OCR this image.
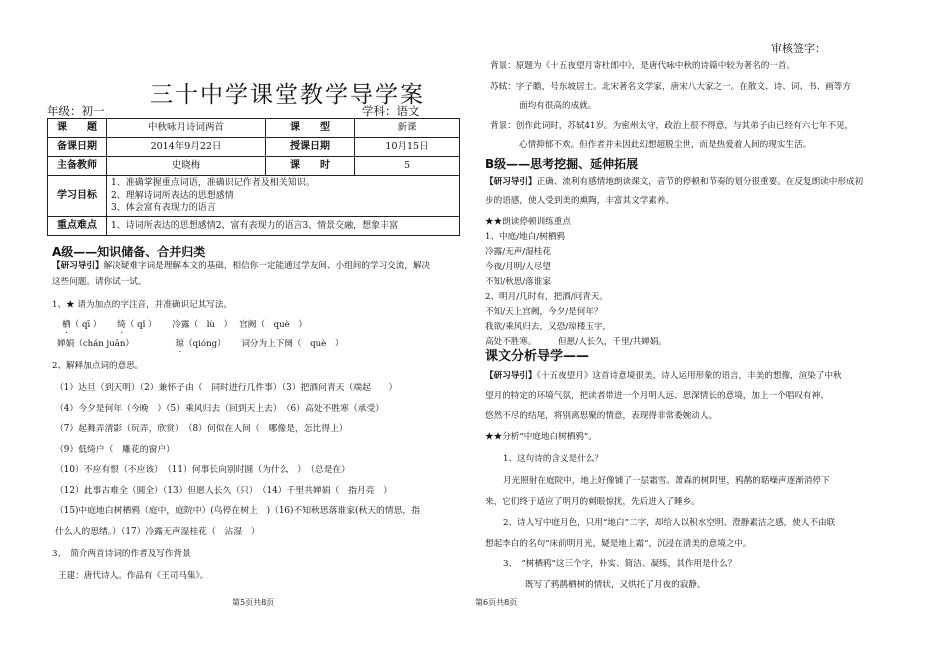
三十中学课堂教学导学案
年级：初一	学科：语文
课　　题	中秋咏月诗词两首	课　　型	新课
备课日期	2014年9月22日	授课日期	10月15日
主备教师	史晓梅	课　　时	5
学习目标	1、准确掌握重点词语，准确识记作者及相关知识。
2、理解诗词所表达的思想感情
3、体会富有表现力的语言		

重点难点	1、诗词所表达的思想感情2、富有表现力的语言3、情景交融，想象丰富		
A级——知识储备、合并归类
【研习导引】解决疑难字词是理解本文的基础，相信你一定能通过学友间、小组间的学习交流，解决
这些问题。请你试一试。
1、★ 请为加点的字注音，并准确识记其写法。
栖（ qī ）　　 绮（ qǐ ）　　 冷露（　lù　）　 宫阙（　què　）
婵娟（chán juān）　　　　　 琼（qióng）　　 词分为上下阕（　què　）
2、解释加点词的意思。
（1）达旦（到天明）（2）兼怀子由（　同时进行几件事）（3）把酒问青天（端起　　）
（4）今夕是何年（今晚　）（5）乘风归去（回到天上去）　（6）高处不胜寒（承受）
（7）起舞弄清影（玩弄，欣赏）　（8）何似在人间（　哪像是，怎比得上）
（9）低绮户（　雕花的窗户）
（10）不应有恨（不应该）　（11）何事长向别时圆（为什么　）　（总是在）
（12）此事古难全（圆全）（13）但愿人长久（只）　（14）千里共婵娟（　指月亮　）
（15)中庭地白树栖鸦（庭中，庭院中）(鸟停在树上　)（16)不知秋思落谁家(秋天的情思，指
什么人的思绪。）（17）冷露无声湿桂花（　沾湿　）
3、　简介两首诗词的作者及写作背景
王建：唐代诗人。作品有《王司马集》。
第5页共8页
审核签字：
背景：原题为《十五夜望月寄杜郎中》，是唐代咏中秋的诗篇中较为著名的一首。
苏轼：字子瞻，号东坡居士。北宋著名文学家，唐宋八大家之一。在散文、诗、词、书、画等方
面均有很高的成就。
背景：创作此词时，苏轼41岁。为密州太守，政治上很不得意，与其弟子由已经有六七年不见，
心情抑郁不欢。但作者并未因此幻想超脱尘世，而是热爱着人间的现实生活。
B级——思考挖掘、延伸拓展
【研习导引】正确、流利有感情地朗读课文，音节的停顿和节奏的划分很重要。在反复朗读中形成初
步的语感，使人受到美的熏陶，丰富其文学素养。
★★朗读停顿训练重点
1、中庭/地白/树栖鸦
冷露/无声/湿桂花
今夜/月明/人尽望
不知/秋思/落谁家
2、明月/几时有，把酒/问青天。
不知/天上宫阙，今夕/是何年？
我欲/乘风归去，又恐/琼楼玉宇，
高处不胜寒。　　　但愿/人长久，千里/共婵娟。
课文分析导学——
【研习导引】《十五夜望月》这首诗意境很美，诗人运用形象的语言，丰美的想像，渲染了中秋
望月的特定的环境气氛，把读者带进一个月明人远、思深情长的意境，加上一个唱叹有神、
悠然不尽的结尾，将别离思聚的情意，表现得非常委婉动人。
★★分析“中庭地白树栖鸦”。
1、这句诗的含义是什么？
月光照射在庭院中，地上好像铺了一层霜雪。萧森的树阴里，鸦鹊的聒噪声逐渐消停下
来，它们终于适应了明月的刺眼惊扰，先后进入了睡乡。
2、诗人写中庭月色，只用“地白”二字，却给人以积水空明、澄静素洁之感，使人不由联
想起李白的名句“床前明月光，疑是地上霜”，沉浸在清美的意境之中。
3、　“树栖鸦”这三个字，朴实、简洁、凝练，其作用是什么？
既写了鸦鹊栖树的情状，又烘托了月夜的寂静。
第6页共8页
